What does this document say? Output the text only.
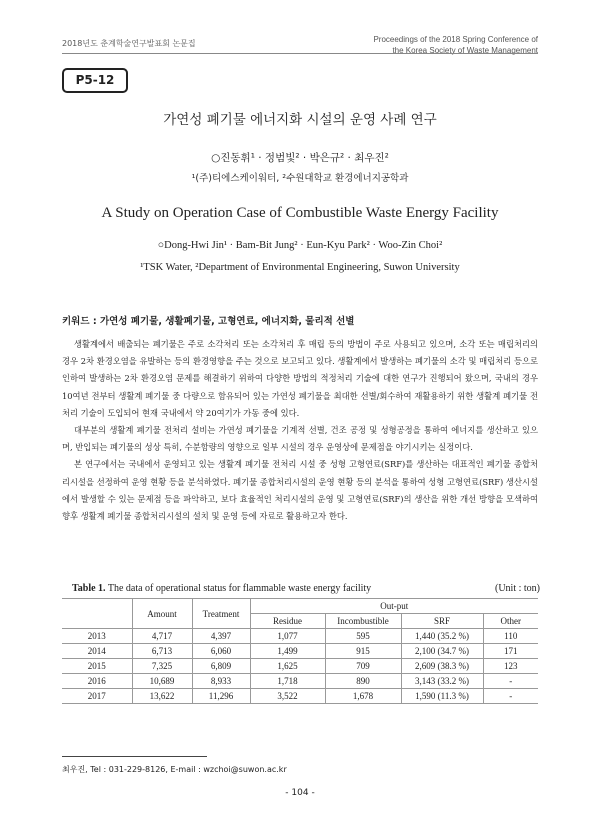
2018년도 춘계학술연구발표회 논문집	Proceedings of the 2018 Spring Conference of
the Korea Society of Waste Management
P5-12
가연성 폐기물 에너지화 시설의 운영 사례 연구
○진동휘¹ · 정범빛² · 박은규² · 최우진²
¹(주)티에스케이워터, ²수원대학교 환경에너지공학과
A Study on Operation Case of Combustible Waste Energy Facility
○Dong-Hwi Jin¹ · Bam-Bit Jung² · Eun-Kyu Park² · Woo-Zin Choi²
¹TSK Water, ²Department of Environmental Engineering, Suwon University
키워드 : 가연성 폐기물, 생활폐기물, 고형연료, 에너지화, 물리적 선별

생활계에서 배출되는 폐기물은 주로 소각처리 또는 소각처리 후 매립 등의 방법이 주로 사용되고 있으며, 소각 또는 매립처리의 경우 2차 환경오염을 유발하는 등의 환경영향을 주는 것으로 보고되고 있다. 생활계에서 발생하는 폐기물의 소각 및 매립처리 등으로 인하여 발생하는 2차 환경오염 문제를 해결하기 위하여 다양한 방법의 적정처리 기술에 대한 연구가 진행되어 왔으며, 국내의 경우 10여년 전부터 생활계 폐기물 중 다량으로 함유되어 있는 가연성 폐기물을 최대한 선별/회수하여 재활용하기 위한 생활계 폐기물 전처리 기술이 도입되어 현재 국내에서 약 20여기가 가동 중에 있다.

대부분의 생활계 폐기물 전처리 설비는 가연성 폐기물을 기계적 선별, 건조 공정 및 성형공정을 통하여 에너지를 생산하고 있으며, 반입되는 폐기물의 성상 특히, 수분함량의 영향으로 일부 시설의 경우 운영상에 문제점을 야기시키는 실정이다.

본 연구에서는 국내에서 운영되고 있는 생활계 폐기물 전처리 시설 중 성형 고형연료(SRF)를 생산하는 대표적인 폐기물 종합처리시설을 선정하여 운영 현황 등을 분석하였다. 폐기물 종합처리시설의 운영 현황 등의 분석을 통하여 성형 고형연료(SRF) 생산시설에서 발생할 수 있는 문제점 등을 파악하고, 보다 효율적인 처리시설의 운영 및 고형연료(SRF)의 생산을 위한 개선 방향을 모색하여 향후 생활계 폐기물 종합처리시설의 설치 및 운영 등에 자료로 활용하고자 한다.

Table 1. The data of operational status for flammable waste energy facility	(Unit : ton)
	Amount	Treatment	Out-put			
			Residue	Incombustible	SRF	Other
2013	4,717	4,397	1,077	595	1,440 (35.2 %)	110
2014	6,713	6,060	1,499	915	2,100 (34.7 %)	171
2015	7,325	6,809	1,625	709	2,609 (38.3 %)	123
2016	10,689	8,933	1,718	890	3,143 (33.2 %)	-
2017	13,622	11,296	3,522	1,678	1,590 (11.3 %)	-
최우진, Tel : 031-229-8126, E-mail : wzchoi@suwon.ac.kr
- 104 -
